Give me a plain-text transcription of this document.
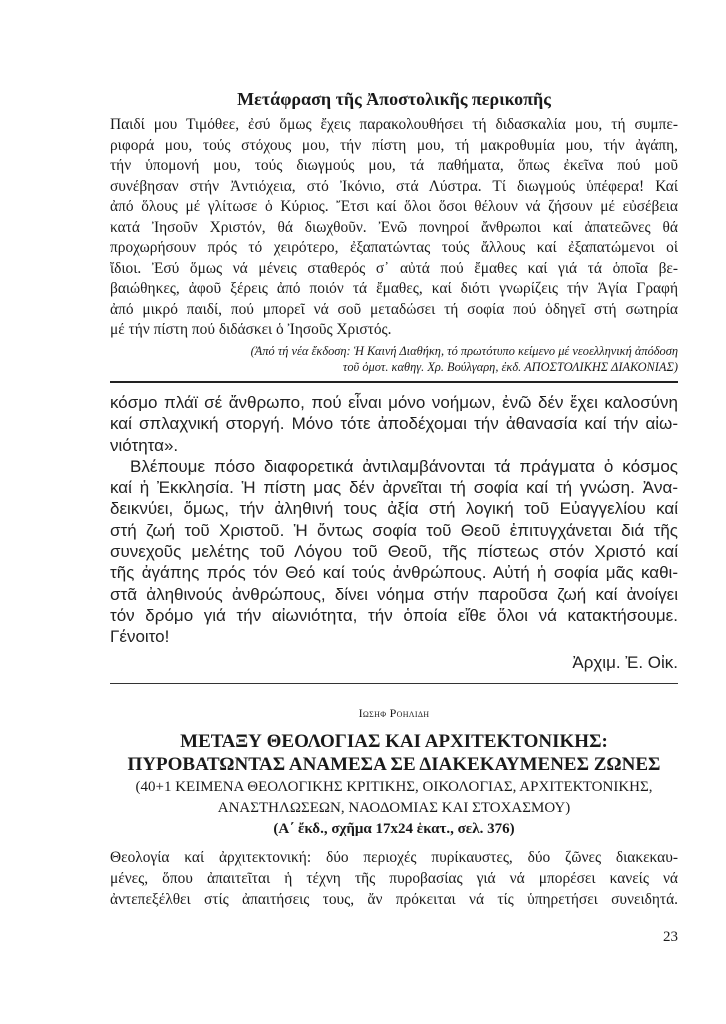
Μετάφραση τῆς Ἀποστολικῆς περικοπῆς
Παιδί μου Τιμόθεε, ἐσύ ὅμως ἔχεις παρακολουθήσει τή διδασκαλία μου, τή συμπε-
ριφορά μου, τούς στόχους μου, τήν πίστη μου, τή μακροθυμία μου, τήν ἀγάπη,
τήν ὑπομονή μου, τούς διωγμούς μου, τά παθήματα, ὅπως ἐκεῖνα πού μοῦ
συνέβησαν στήν Ἀντιόχεια, στό Ἰκόνιο, στά Λύστρα. Τί διωγμούς ὑπέφερα! Καί
ἀπό ὅλους μέ γλίτωσε ὁ Κύριος. Ἔτσι καί ὅλοι ὅσοι θέλουν νά ζήσουν μέ εὐσέβεια
κατά Ἰησοῦν Χριστόν, θά διωχθοῦν. Ἐνῶ πονηροί ἄνθρωποι καί ἀπατεῶνες θά
προχωρήσουν πρός τό χειρότερο, ἐξαπατώντας τούς ἄλλους καί ἐξαπατώμενοι οἱ
ἴδιοι. Ἐσύ ὅμως νά μένεις σταθερός σ᾿ αὐτά πού ἔμαθες καί γιά τά ὁποῖα βε-
βαιώθηκες, ἀφοῦ ξέρεις ἀπό ποιόν τά ἔμαθες, καί διότι γνωρίζεις τήν Ἁγία Γραφή
ἀπό μικρό παιδί, πού μπορεῖ νά σοῦ μεταδώσει τή σοφία πού ὁδηγεῖ στή σωτηρία
μέ τήν πίστη πού διδάσκει ὁ Ἰησοῦς Χριστός.
(Ἀπό τή νέα ἔκδοση: Ἡ Καινή Διαθήκη, τό πρωτότυπο κείμενο μέ νεοελληνική ἀπόδοση
τοῦ ὁμοτ. καθηγ. Χρ. Βούλγαρη, ἐκδ. ΑΠΟΣΤΟΛΙΚΗΣ ΔΙΑΚΟΝΙΑΣ)
κόσμο πλάϊ σέ ἄνθρωπο, πού εἶναι μόνο νοήμων, ἐνῶ δέν ἔχει καλοσύνη
καί σπλαχνική στοργή. Μόνο τότε ἀποδέχομαι τήν ἀθανασία καί τήν αἰω-
νιότητα».
Βλέπουμε πόσο διαφορετικά ἀντιλαμβάνονται τά πράγματα ὁ κόσμος
καί ἡ Ἐκκλησία. Ἡ πίστη μας δέν ἀρνεῖται τή σοφία καί τή γνώση. Ἀνα-
δεικνύει, ὅμως, τήν ἀληθινή τους ἀξία στή λογική τοῦ Εὐαγγελίου καί
στή ζωή τοῦ Χριστοῦ. Ἡ ὄντως σοφία τοῦ Θεοῦ ἐπιτυγχάνεται διά τῆς
συνεχοῦς μελέτης τοῦ Λόγου τοῦ Θεοῦ, τῆς πίστεως στόν Χριστό καί
τῆς ἀγάπης πρός τόν Θεό καί τούς ἀνθρώπους. Αὐτή ἡ σοφία μᾶς καθι-
στᾶ ἀληθινούς ἀνθρώπους, δίνει νόημα στήν παροῦσα ζωή καί ἀνοίγει
τόν δρόμο γιά τήν αἰωνιότητα, τήν ὁποία εἴθε ὅλοι νά κατακτήσουμε.
Γένοιτο!
Ἀρχιμ. Ἐ. Οἰκ.
Ιωσηφ Ροηλιδη
ΜΕΤΑΞΥ ΘΕΟΛΟΓΙΑΣ ΚΑΙ ΑΡΧΙΤΕΚΤΟΝΙΚΗΣ:
ΠΥΡΟΒΑΤΩΝΤΑΣ ΑΝΑΜΕΣΑ ΣΕ ΔΙΑΚΕΚΑΥΜΕΝΕΣ ΖΩΝΕΣ
(40+1 ΚΕΙΜΕΝΑ ΘΕΟΛΟΓΙΚΗΣ ΚΡΙΤΙΚΗΣ, ΟΙΚΟΛΟΓΙΑΣ, ΑΡΧΙΤΕΚΤΟΝΙΚΗΣ,
ΑΝΑΣΤΗΛΩΣΕΩΝ, ΝΑΟΔΟΜΙΑΣ ΚΑΙ ΣΤΟΧΑΣΜΟΥ)
(Α΄ ἔκδ., σχῆμα 17x24 ἑκατ., σελ. 376)
Θεολογία καί ἀρχιτεκτονική: δύο περιοχές πυρίκαυστες, δύο ζῶνες διακεκαυ-
μένες, ὅπου ἀπαιτεῖται ἡ τέχνη τῆς πυροβασίας γιά νά μπορέσει κανείς νά
ἀντεπεξέλθει στίς ἀπαιτήσεις τους, ἄν πρόκειται νά τίς ὑπηρετήσει συνειδητά.
23
